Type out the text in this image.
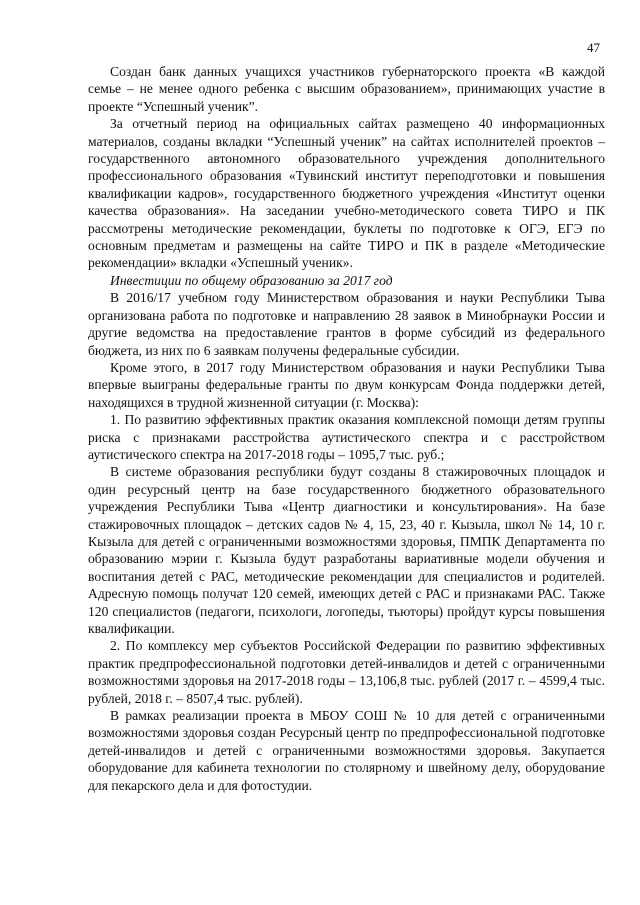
47

Создан банк данных учащихся участников губернаторского проекта «В каждой семье – не менее одного ребенка с высшим образованием», принимающих участие в проекте “Успешный ученик”.

За отчетный период на официальных сайтах размещено 40 информационных материалов, созданы вкладки “Успешный ученик” на сайтах исполнителей проектов – государственного автономного образовательного учреждения дополнительного профессионального образования «Тувинский институт переподготовки и повышения квалификации кадров», государственного бюджетного учреждения «Институт оценки качества образования». На заседании учебно-методического совета ТИРО и ПК рассмотрены методические рекомендации, буклеты по подготовке к ОГЭ, ЕГЭ по основным предметам и размещены на сайте ТИРО и ПК в разделе «Методические рекомендации» вкладки «Успешный ученик».

Инвестиции по общему образованию за 2017 год

В 2016/17 учебном году Министерством образования и науки Республики Тыва организована работа по подготовке и направлению 28 заявок в Минобрнауки России и другие ведомства на предоставление грантов в форме субсидий из федерального бюджета, из них по 6 заявкам получены федеральные субсидии.

Кроме этого, в 2017 году Министерством образования и науки Республики Тыва впервые выиграны федеральные гранты по двум конкурсам Фонда поддержки детей, находящихся в трудной жизненной ситуации (г. Москва):

1. По развитию эффективных практик оказания комплексной помощи детям группы риска с признаками расстройства аутистического спектра и с расстройством аутистического спектра на 2017-2018 годы – 1095,7 тыс. руб.;

В системе образования республики будут созданы 8 стажировочных площадок и один ресурсный центр на базе государственного бюджетного образовательного учреждения Республики Тыва «Центр диагностики и консультирования». На базе стажировочных площадок – детских садов № 4, 15, 23, 40 г. Кызыла, школ № 14, 10 г. Кызыла для детей с ограниченными возможностями здоровья, ПМПК Департамента по образованию мэрии г. Кызыла будут разработаны вариативные модели обучения и воспитания детей с РАС, методические рекомендации для специалистов и родителей. Адресную помощь получат 120 семей, имеющих детей с РАС и признаками РАС. Также 120 специалистов (педагоги, психологи, логопеды, тьюторы) пройдут курсы повышения квалификации.

2. По комплексу мер субъектов Российской Федерации по развитию эффективных практик предпрофессиональной подготовки детей-инвалидов и детей с ограниченными возможностями здоровья на 2017-2018 годы – 13,106,8 тыс. рублей (2017 г. – 4599,4 тыс. рублей, 2018 г. – 8507,4 тыс. рублей).

В рамках реализации проекта в МБОУ СОШ № 10 для детей с ограниченными возможностями здоровья создан Ресурсный центр по предпрофессиональной подготовке детей-инвалидов и детей с ограниченными возможностями здоровья. Закупается оборудование для кабинета технологии по столярному и швейному делу, оборудование для пекарского дела и для фотостудии.
